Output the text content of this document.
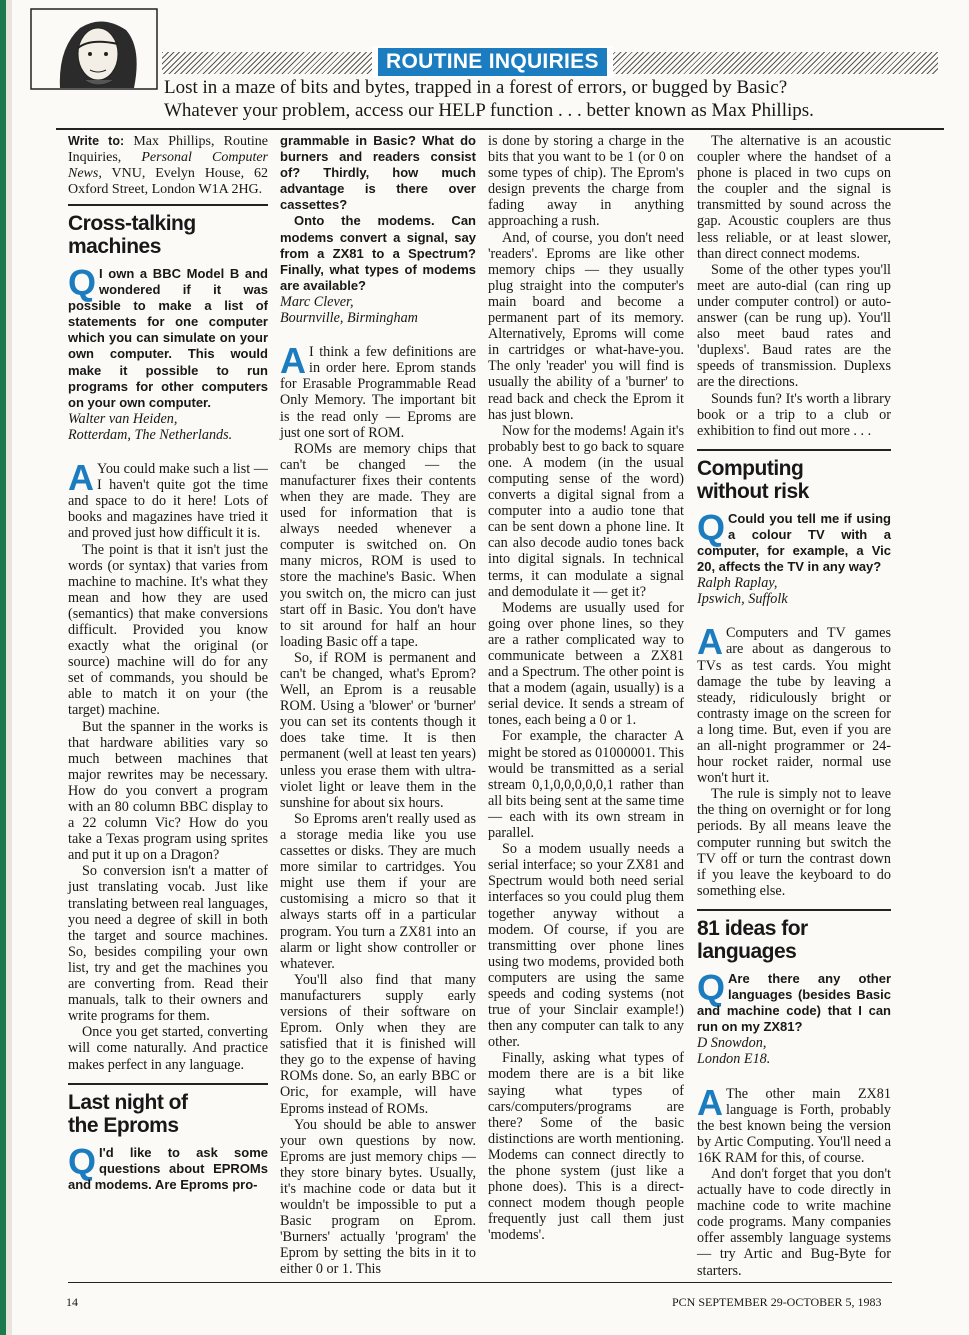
ROUTINE INQUIRIES
Lost in a maze of bits and bytes, trapped in a forest of errors, or bugged by Basic?
Whatever your problem, access our HELP function . . . better known as Max Phillips.
Write to: Max Phillips, Routine Inquiries, Personal Computer News, VNU, Evelyn House, 62 Oxford Street, London W1A 2HG.
Cross-talking
machines
Q I own a BBC Model B and wondered if it was possible to make a list of statements for one computer which you can simulate on your own computer. This would make it possible to run programs for other computers on your own computer.

Walter van Heiden,

Rotterdam, The Netherlands.

A You could make such a list — I haven't quite got the time and space to do it here! Lots of books and magazines have tried it and proved just how difficult it is.

The point is that it isn't just the words (or syntax) that varies from machine to machine. It's what they mean and how they are used (semantics) that make conversions difficult. Provided you know exactly what the original (or source) machine will do for any set of commands, you should be able to match it on your (the target) machine.

But the spanner in the works is that hardware abilities vary so much between machines that major rewrites may be necessary. How do you convert a program with an 80 column BBC display to a 22 column Vic? How do you take a Texas program using sprites and put it up on a Dragon?

So conversion isn't a matter of just translating vocab. Just like translating between real languages, you need a degree of skill in both the target and source machines. So, besides compiling your own list, try and get the machines you are converting from. Read their manuals, talk to their owners and write programs for them.

Once you get started, converting will come naturally. And practice makes perfect in any language.

Last night of
the Eproms
Q I'd like to ask some questions about EPROMs and modems. Are Eproms pro-

grammable in Basic? What do burners and readers consist of? Thirdly, how much advantage is there over cassettes?

Onto the modems. Can modems convert a signal, say from a ZX81 to a Spectrum? Finally, what types of modems are available?

Marc Clever,

Bournville, Birmingham

A I think a few definitions are in order here. Eprom stands for Erasable Programmable Read Only Memory. The important bit is the read only — Eproms are just one sort of ROM.

ROMs are memory chips that can't be changed — the manufacturer fixes their contents when they are made. They are used for information that is always needed whenever a computer is switched on. On many micros, ROM is used to store the machine's Basic. When you switch on, the micro can just start off in Basic. You don't have to sit around for half an hour loading Basic off a tape.

So, if ROM is permanent and can't be changed, what's Eprom? Well, an Eprom is a reusable ROM. Using a 'blower' or 'burner' you can set its contents though it does take time. It is then permanent (well at least ten years) unless you erase them with ultra-violet light or leave them in the sunshine for about six hours.

So Eproms aren't really used as a storage media like you use cassettes or disks. They are much more similar to cartridges. You might use them if your are customising a micro so that it always starts off in a particular program. You turn a ZX81 into an alarm or light show controller or whatever.

You'll also find that many manufacturers supply early versions of their software on Eprom. Only when they are satisfied that it is finished will they go to the expense of having ROMs done. So, an early BBC or Oric, for example, will have Eproms instead of ROMs.

You should be able to answer your own questions by now. Eproms are just memory chips — they store binary bytes. Usually, it's machine code or data but it wouldn't be impossible to put a Basic program on Eprom. 'Burners' actually 'program' the Eprom by setting the bits in it to either 0 or 1. This

is done by storing a charge in the bits that you want to be 1 (or 0 on some types of chip). The Eprom's design prevents the charge from fading away in anything approaching a rush.

And, of course, you don't need 'readers'. Eproms are like other memory chips — they usually plug straight into the computer's main board and become a permanent part of its memory. Alternatively, Eproms will come in cartridges or what-have-you. The only 'reader' you will find is usually the ability of a 'burner' to read back and check the Eprom it has just blown.

Now for the modems! Again it's probably best to go back to square one. A modem (in the usual computing sense of the word) converts a digital signal from a computer into a audio tone that can be sent down a phone line. It can also decode audio tones back into digital signals. In technical terms, it can modulate a signal and demodulate it — get it?

Modems are usually used for going over phone lines, so they are a rather complicated way to communicate between a ZX81 and a Spectrum. The other point is that a modem (again, usually) is a serial device. It sends a stream of tones, each being a 0 or 1.

For example, the character A might be stored as 01000001. This would be transmitted as a serial stream 0,1,0,0,0,0,0,1 rather than all bits being sent at the same time — each with its own stream in parallel.

So a modem usually needs a serial interface; so your ZX81 and Spectrum would both need serial interfaces so you could plug them together anyway without a modem. Of course, if you are transmitting over phone lines using two modems, provided both computers are using the same speeds and coding systems (not true of your Sinclair example!) then any computer can talk to any other.

Finally, asking what types of modem there are is a bit like saying what types of cars/computers/programs are there? Some of the basic distinctions are worth mentioning. Modems can connect directly to the phone system (just like a phone does). This is a direct-connect modem though people frequently just call them just 'modems'.

The alternative is an acoustic coupler where the handset of a phone is placed in two cups on the coupler and the signal is transmitted by sound across the gap. Acoustic couplers are thus less reliable, or at least slower, than direct connect modems.

Some of the other types you'll meet are auto-dial (can ring up under computer control) or auto-answer (can be rung up). You'll also meet baud rates and 'duplexs'. Baud rates are the speeds of transmission. Duplexs are the directions.

Sounds fun? It's worth a library book or a trip to a club or exhibition to find out more . . .

Computing
without risk
Q Could you tell me if using a colour TV with a computer, for example, a Vic 20, affects the TV in any way?

Ralph Raplay,

Ipswich, Suffolk

A Computers and TV games are about as dangerous to TVs as test cards. You might damage the tube by leaving a steady, ridiculously bright or contrasty image on the screen for a long time. But, even if you are an all-night programmer or 24-hour rocket raider, normal use won't hurt it.

The rule is simply not to leave the thing on overnight or for long periods. By all means leave the computer running but switch the TV off or turn the contrast down if you leave the keyboard to do something else.

81 ideas for
languages
Q Are there any other languages (besides Basic and machine code) that I can run on my ZX81?

D Snowdon,

London E18.

A The other main ZX81 language is Forth, probably the best known being the version by Artic Computing. You'll need a 16K RAM for this, of course.

And don't forget that you don't actually have to code directly in machine code to write machine code programs. Many companies offer assembly language systems — try Artic and Bug-Byte for starters.

14	PCN SEPTEMBER 29-OCTOBER 5, 1983
